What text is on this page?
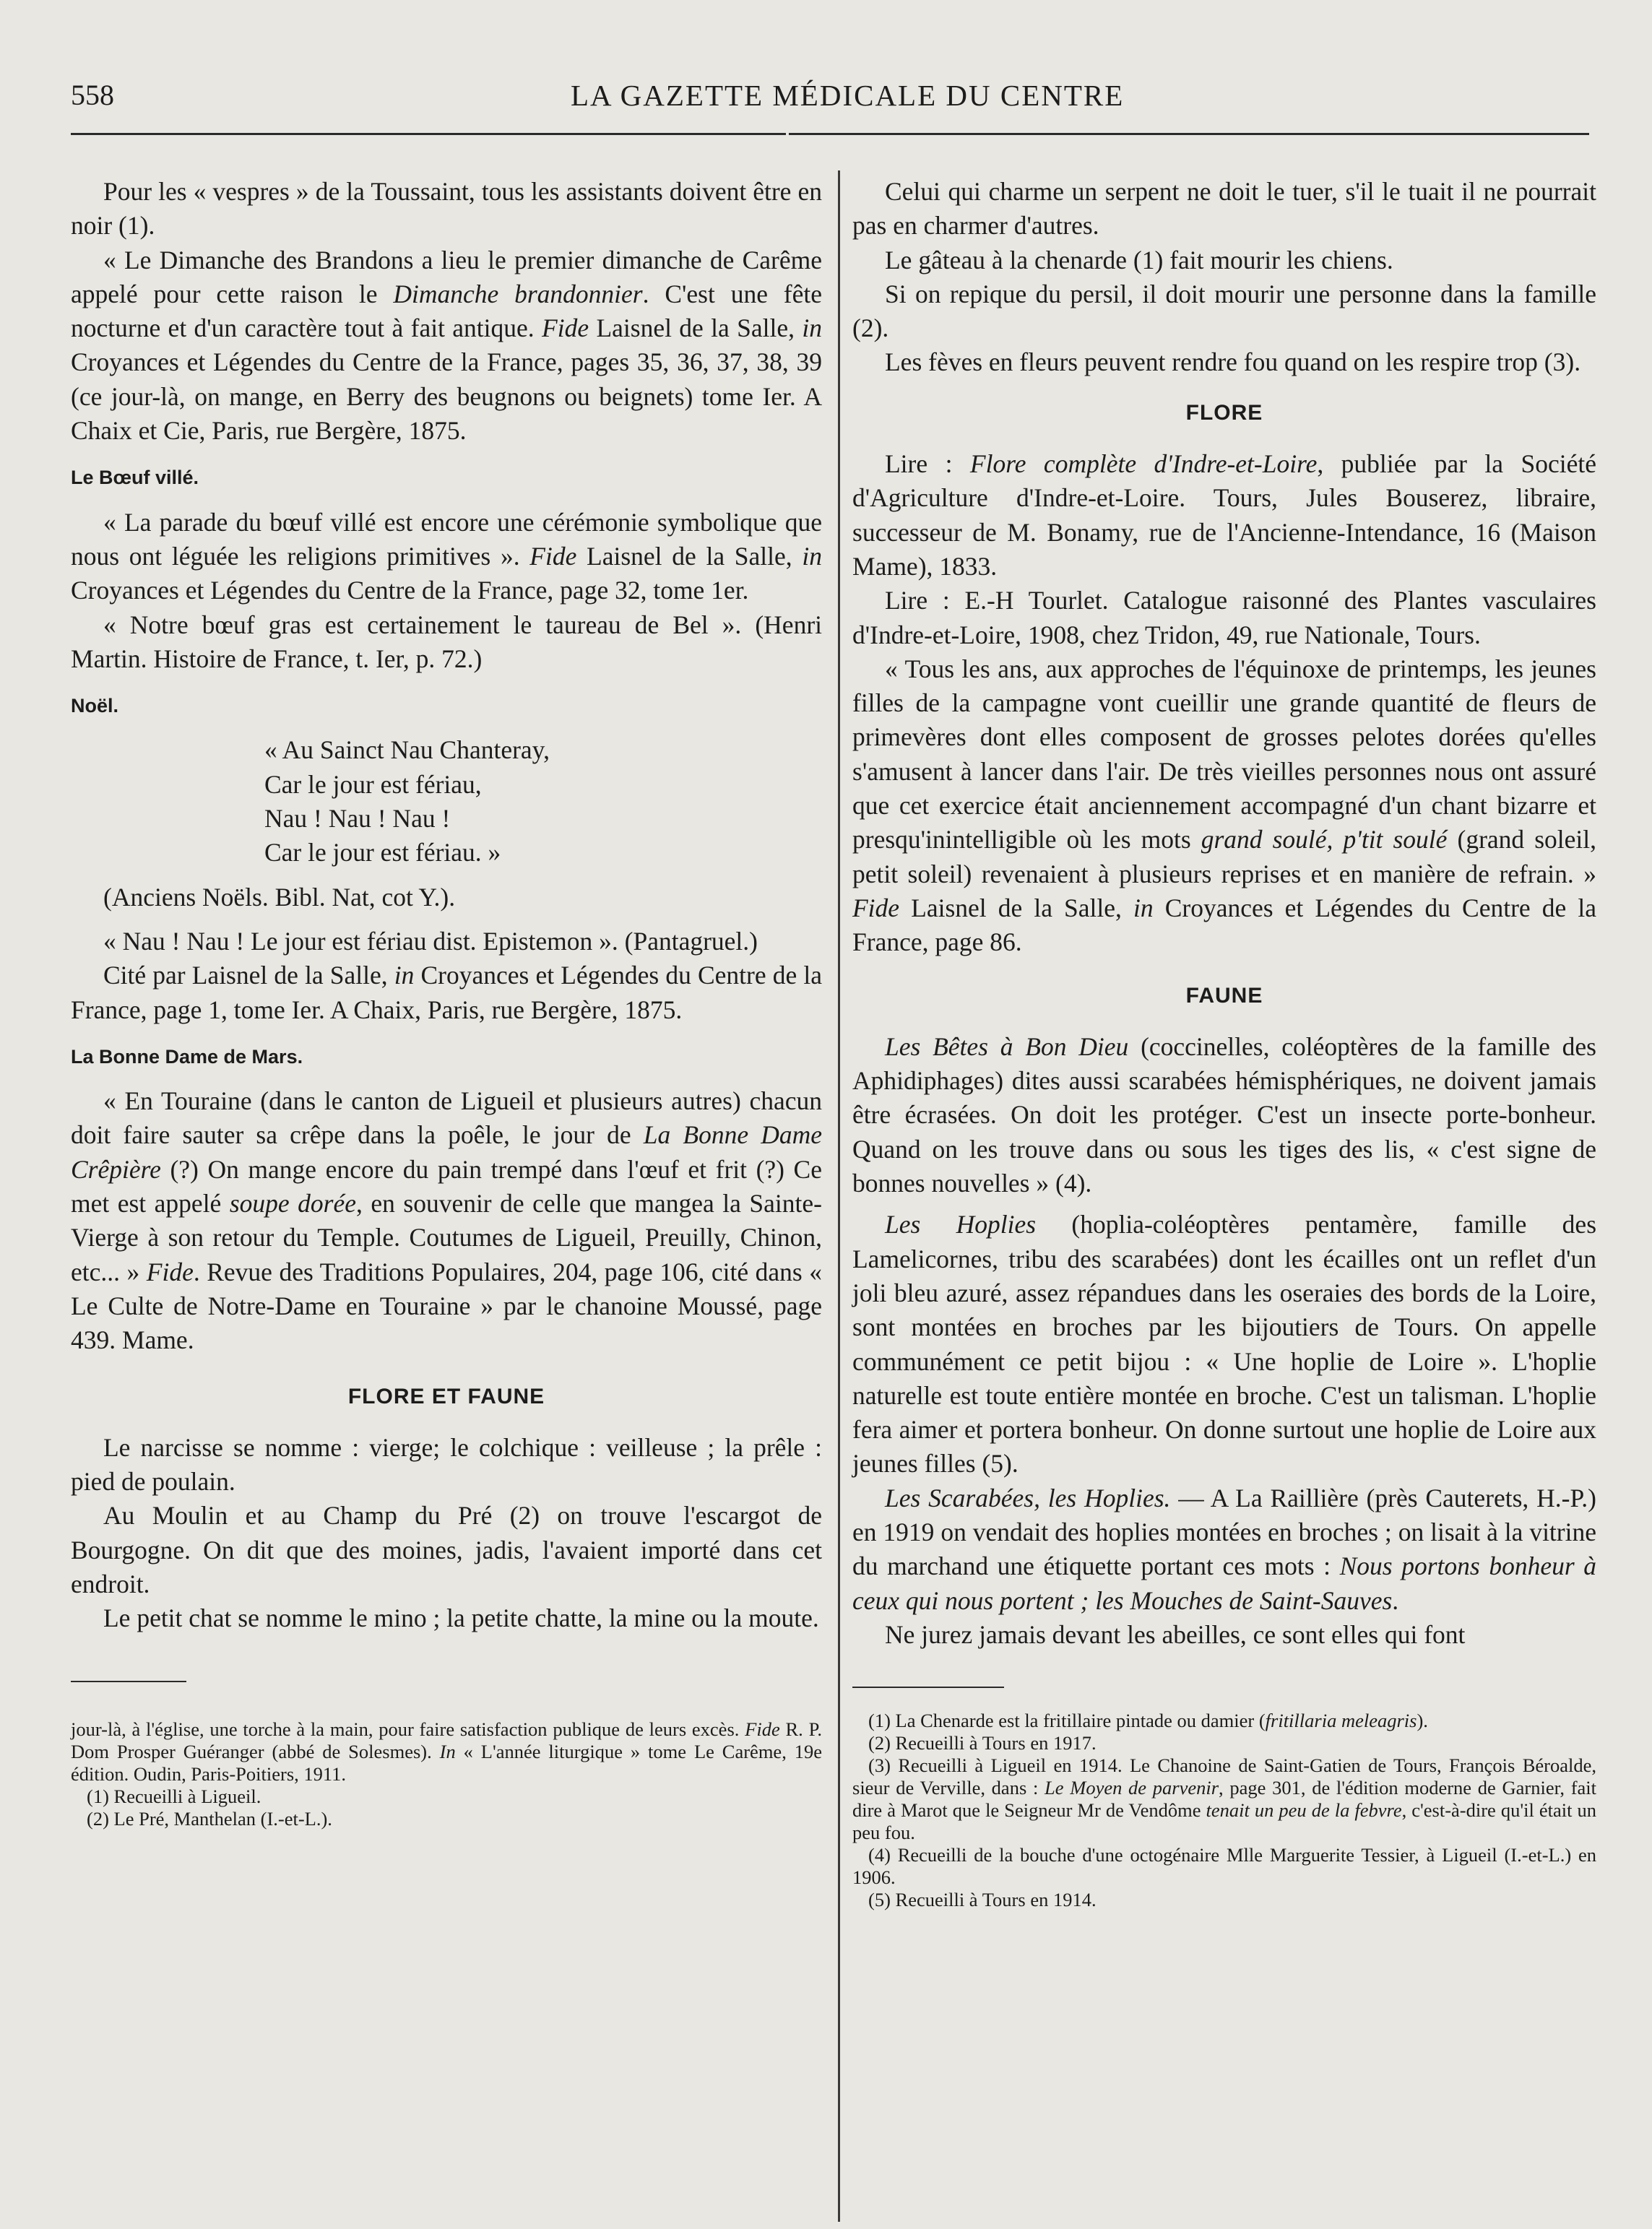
558	LA GAZETTE MÉDICALE DU CENTRE

Pour les « vespres » de la Toussaint, tous les assistants doivent être en noir (1).

« Le Dimanche des Brandons a lieu le premier dimanche de Carême appelé pour cette raison le Dimanche brandonnier. C'est une fête nocturne et d'un caractère tout à fait antique. Fide Laisnel de la Salle, in Croyances et Légendes du Centre de la France, pages 35, 36, 37, 38, 39 (ce jour-là, on mange, en Berry des beugnons ou beignets) tome Ier. A Chaix et Cie, Paris, rue Bergère, 1875.

Le Bœuf villé.

« La parade du bœuf villé est encore une cérémonie symbolique que nous ont léguée les religions primitives ». Fide Laisnel de la Salle, in Croyances et Légendes du Centre de la France, page 32, tome 1er.

« Notre bœuf gras est certainement le taureau de Bel ». (Henri Martin. Histoire de France, t. Ier, p. 72.)

Noël.
« Au Sainct Nau Chanteray,
Car le jour est fériau,
Nau ! Nau ! Nau !
Car le jour est fériau. »

(Anciens Noëls. Bibl. Nat, cot Y.).

« Nau ! Nau ! Le jour est fériau dist. Epistemon ». (Pantagruel.)

Cité par Laisnel de la Salle, in Croyances et Légendes du Centre de la France, page 1, tome Ier. A Chaix, Paris, rue Bergère, 1875.

La Bonne Dame de Mars.

« En Touraine (dans le canton de Ligueil et plusieurs autres) chacun doit faire sauter sa crêpe dans la poêle, le jour de La Bonne Dame Crêpière (?) On mange encore du pain trempé dans l'œuf et frit (?) Ce met est appelé soupe dorée, en souvenir de celle que mangea la Sainte-Vierge à son retour du Temple. Coutumes de Ligueil, Preuilly, Chinon, etc... » Fide. Revue des Traditions Populaires, 204, page 106, cité dans « Le Culte de Notre-Dame en Touraine » par le chanoine Moussé, page 439. Mame.

FLORE ET FAUNE

Le narcisse se nomme : vierge; le colchique : veilleuse ; la prêle : pied de poulain.

Au Moulin et au Champ du Pré (2) on trouve l'escargot de Bourgogne. On dit que des moines, jadis, l'avaient importé dans cet endroit.

Le petit chat se nomme le mino ; la petite chatte, la mine ou la moute.

jour-là, à l'église, une torche à la main, pour faire satisfaction publique de leurs excès. Fide R. P. Dom Prosper Guéranger (abbé de Solesmes). In « L'année liturgique » tome Le Carême, 19e édition. Oudin, Paris-Poitiers, 1911.

(1) Recueilli à Ligueil.

(2) Le Pré, Manthelan (I.-et-L.).

Celui qui charme un serpent ne doit le tuer, s'il le tuait il ne pourrait pas en charmer d'autres.

Le gâteau à la chenarde (1) fait mourir les chiens.

Si on repique du persil, il doit mourir une personne dans la famille (2).

Les fèves en fleurs peuvent rendre fou quand on les respire trop (3).

FLORE

Lire : Flore complète d'Indre-et-Loire, publiée par la Société d'Agriculture d'Indre-et-Loire. Tours, Jules Bouserez, libraire, successeur de M. Bonamy, rue de l'Ancienne-Intendance, 16 (Maison Mame), 1833.

Lire : E.-H Tourlet. Catalogue raisonné des Plantes vasculaires d'Indre-et-Loire, 1908, chez Tridon, 49, rue Nationale, Tours.

« Tous les ans, aux approches de l'équinoxe de printemps, les jeunes filles de la campagne vont cueillir une grande quantité de fleurs de primevères dont elles composent de grosses pelotes dorées qu'elles s'amusent à lancer dans l'air. De très vieilles personnes nous ont assuré que cet exercice était anciennement accompagné d'un chant bizarre et presqu'inintelligible où les mots grand soulé, p'tit soulé (grand soleil, petit soleil) revenaient à plusieurs reprises et en manière de refrain. » Fide Laisnel de la Salle, in Croyances et Légendes du Centre de la France, page 86.

FAUNE

Les Bêtes à Bon Dieu (coccinelles, coléoptères de la famille des Aphidiphages) dites aussi scarabées hémisphériques, ne doivent jamais être écrasées. On doit les protéger. C'est un insecte porte-bonheur. Quand on les trouve dans ou sous les tiges des lis, « c'est signe de bonnes nouvelles » (4).

Les Hoplies (hoplia-coléoptères pentamère, famille des Lamelicornes, tribu des scarabées) dont les écailles ont un reflet d'un joli bleu azuré, assez répandues dans les oseraies des bords de la Loire, sont montées en broches par les bijoutiers de Tours. On appelle communément ce petit bijou : « Une hoplie de Loire ». L'hoplie naturelle est toute entière montée en broche. C'est un talisman. L'hoplie fera aimer et portera bonheur. On donne surtout une hoplie de Loire aux jeunes filles (5).

Les Scarabées, les Hoplies. — A La Raillière (près Cauterets, H.-P.) en 1919 on vendait des hoplies montées en broches ; on lisait à la vitrine du marchand une étiquette portant ces mots : Nous portons bonheur à ceux qui nous portent ; les Mouches de Saint-Sauves.

Ne jurez jamais devant les abeilles, ce sont elles qui font

(1) La Chenarde est la fritillaire pintade ou damier (fritillaria meleagris).

(2) Recueilli à Tours en 1917.

(3) Recueilli à Ligueil en 1914. Le Chanoine de Saint-Gatien de Tours, François Béroalde, sieur de Verville, dans : Le Moyen de parvenir, page 301, de l'édition moderne de Garnier, fait dire à Marot que le Seigneur Mr de Vendôme tenait un peu de la febvre, c'est-à-dire qu'il était un peu fou.

(4) Recueilli de la bouche d'une octogénaire Mlle Marguerite Tessier, à Ligueil (I.-et-L.) en 1906.

(5) Recueilli à Tours en 1914.
